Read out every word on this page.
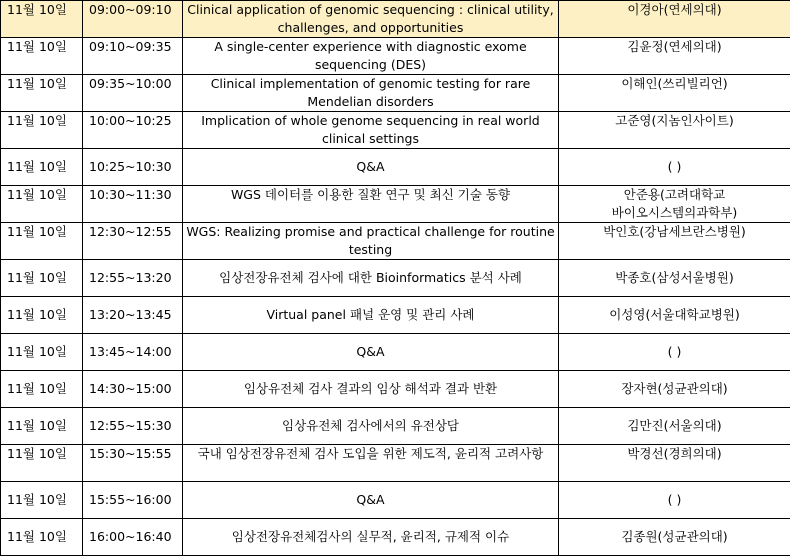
11월 10일	09:00~09:10	Clinical application of genomic sequencing : clinical utility, challenges, and opportunities	이경아(연세의대)
11월 10일	09:10~09:35	A single-center experience with diagnostic exome sequencing (DES)	김윤정(연세의대)
11월 10일	09:35~10:00	Clinical implementation of genomic testing for rare Mendelian disorders	이해인(쓰리빌리언)
11월 10일	10:00~10:25	Implication of whole genome sequencing in real world clinical settings	고준영(지놈인사이트)
11월 10일	10:25~10:30	Q&A	( )
11월 10일	10:30~11:30	WGS 데이터를 이용한 질환 연구 및 최신 기술 동향	안준용(고려대학교 바이오시스템의과학부)
11월 10일	12:30~12:55	WGS: Realizing promise and practical challenge for routine testing	박인호(강남세브란스병원)
11월 10일	12:55~13:20	임상전장유전체 검사에 대한 Bioinformatics 분석 사례	박종호(삼성서울병원)
11월 10일	13:20~13:45	Virtual panel 패널 운영 및 관리 사례	이성영(서울대학교병원)
11월 10일	13:45~14:00	Q&A	( )
11월 10일	14:30~15:00	임상유전체 검사 결과의 임상 해석과 결과 반환	장자현(성균관의대)
11월 10일	12:55~15:30	임상유전체 검사에서의 유전상담	김만진(서울의대)
11월 10일	15:30~15:55	국내 임상전장유전체 검사 도입을 위한 제도적, 윤리적 고려사항	박경선(경희의대)
11월 10일	15:55~16:00	Q&A	( )
11월 10일	16:00~16:40	임상전장유전체검사의 실무적, 윤리적, 규제적 이슈	김종원(성균관의대)
